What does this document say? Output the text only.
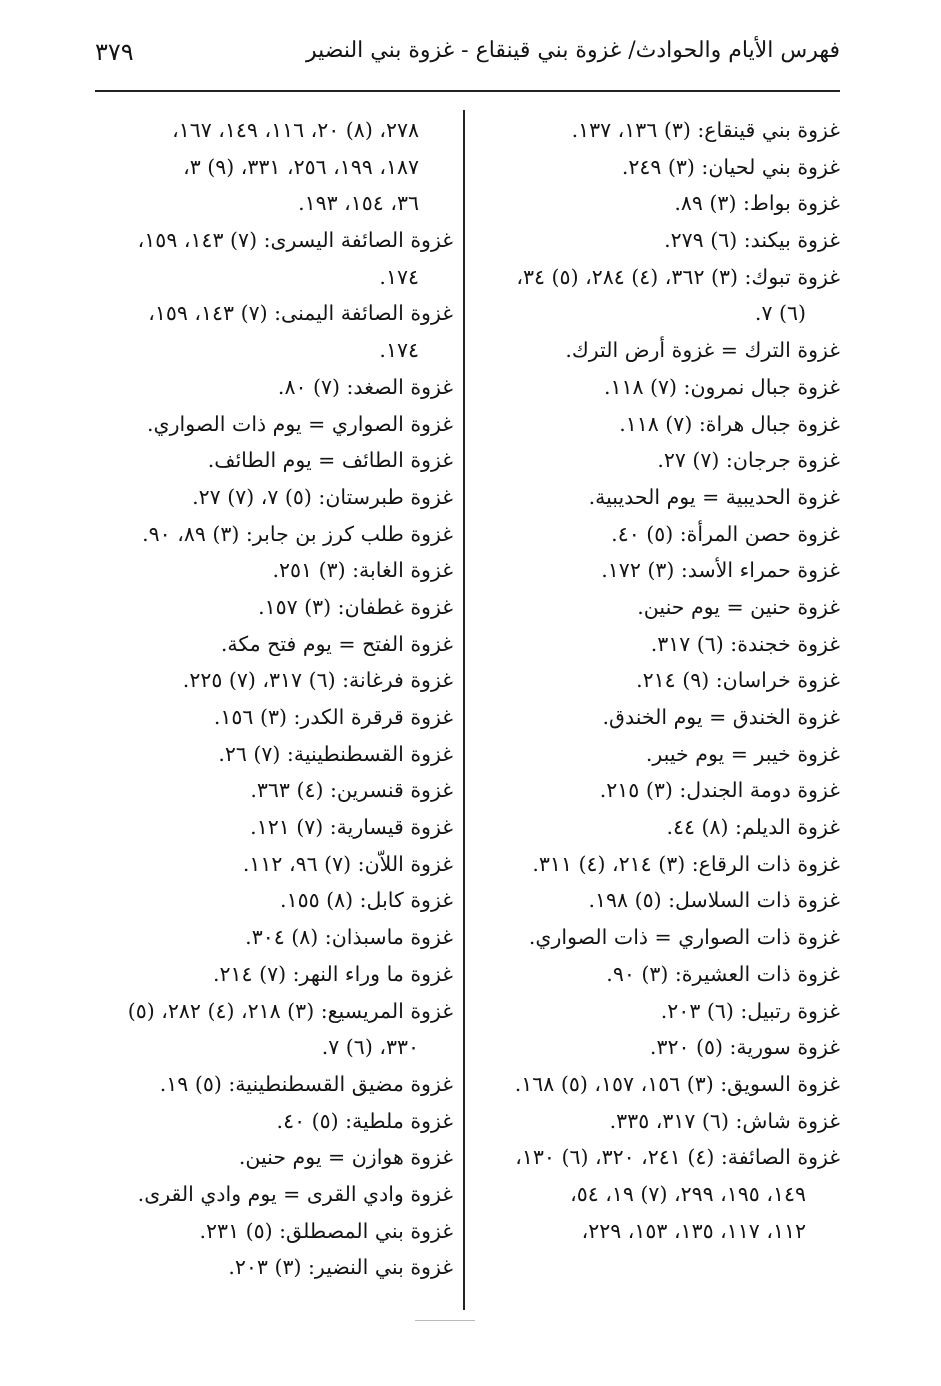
٣٧٩	فهرس الأيام والحوادث/ غزوة بني قينقاع - غزوة بني النضير
غزوة بني قينقاع: (٣) ١٣٦، ١٣٧.
غزوة بني لحيان: (٣) ٢٤٩.
غزوة بواط: (٣) ٨٩.
غزوة بيكند: (٦) ٢٧٩.
غزوة تبوك: (٣) ٣٦٢، (٤) ٢٨٤، (٥) ٣٤،
(٦) ٧.
غزوة الترك = غزوة أرض الترك.
غزوة جبال نمرون: (٧) ١١٨.
غزوة جبال هراة: (٧) ١١٨.
غزوة جرجان: (٧) ٢٧.
غزوة الحديبية = يوم الحديبية.
غزوة حصن المرأة: (٥) ٤٠.
غزوة حمراء الأسد: (٣) ١٧٢.
غزوة حنين = يوم حنين.
غزوة خجندة: (٦) ٣١٧.
غزوة خراسان: (٩) ٢١٤.
غزوة الخندق = يوم الخندق.
غزوة خيبر = يوم خيبر.
غزوة دومة الجندل: (٣) ٢١٥.
غزوة الديلم: (٨) ٤٤.
غزوة ذات الرقاع: (٣) ٢١٤، (٤) ٣١١.
غزوة ذات السلاسل: (٥) ١٩٨.
غزوة ذات الصواري = ذات الصواري.
غزوة ذات العشيرة: (٣) ٩٠.
غزوة رتبيل: (٦) ٢٠٣.
غزوة سورية: (٥) ٣٢٠.
غزوة السويق: (٣) ١٥٦، ١٥٧، (٥) ١٦٨.
غزوة شاش: (٦) ٣١٧، ٣٣٥.
غزوة الصائفة: (٤) ٢٤١، ٣٢٠، (٦) ١٣٠،
١٤٩، ١٩٥، ٢٩٩، (٧) ١٩، ٥٤،
١١٢، ١١٧، ١٣٥، ١٥٣، ٢٢٩،
٢٧٨، (٨) ٢٠، ١١٦، ١٤٩، ١٦٧،
١٨٧، ١٩٩، ٢٥٦، ٣٣١، (٩) ٣،
٣٦، ١٥٤، ١٩٣.
غزوة الصائفة اليسرى: (٧) ١٤٣، ١٥٩،
١٧٤.
غزوة الصائفة اليمنى: (٧) ١٤٣، ١٥٩،
١٧٤.
غزوة الصغد: (٧) ٨٠.
غزوة الصواري = يوم ذات الصواري.
غزوة الطائف = يوم الطائف.
غزوة طبرستان: (٥) ٧، (٧) ٢٧.
غزوة طلب كرز بن جابر: (٣) ٨٩، ٩٠.
غزوة الغابة: (٣) ٢٥١.
غزوة غطفان: (٣) ١٥٧.
غزوة الفتح = يوم فتح مكة.
غزوة فرغانة: (٦) ٣١٧، (٧) ٢٢٥.
غزوة قرقرة الكدر: (٣) ١٥٦.
غزوة القسطنطينية: (٧) ٢٦.
غزوة قنسرين: (٤) ٣٦٣.
غزوة قيسارية: (٧) ١٢١.
غزوة اللاّن: (٧) ٩٦، ١١٢.
غزوة كابل: (٨) ١٥٥.
غزوة ماسبذان: (٨) ٣٠٤.
غزوة ما وراء النهر: (٧) ٢١٤.
غزوة المريسيع: (٣) ٢١٨، (٤) ٢٨٢، (٥)
٣٣٠، (٦) ٧.
غزوة مضيق القسطنطينية: (٥) ١٩.
غزوة ملطية: (٥) ٤٠.
غزوة هوازن = يوم حنين.
غزوة وادي القرى = يوم وادي القرى.
غزوة بني المصطلق: (٥) ٢٣١.
غزوة بني النضير: (٣) ٢٠٣.
